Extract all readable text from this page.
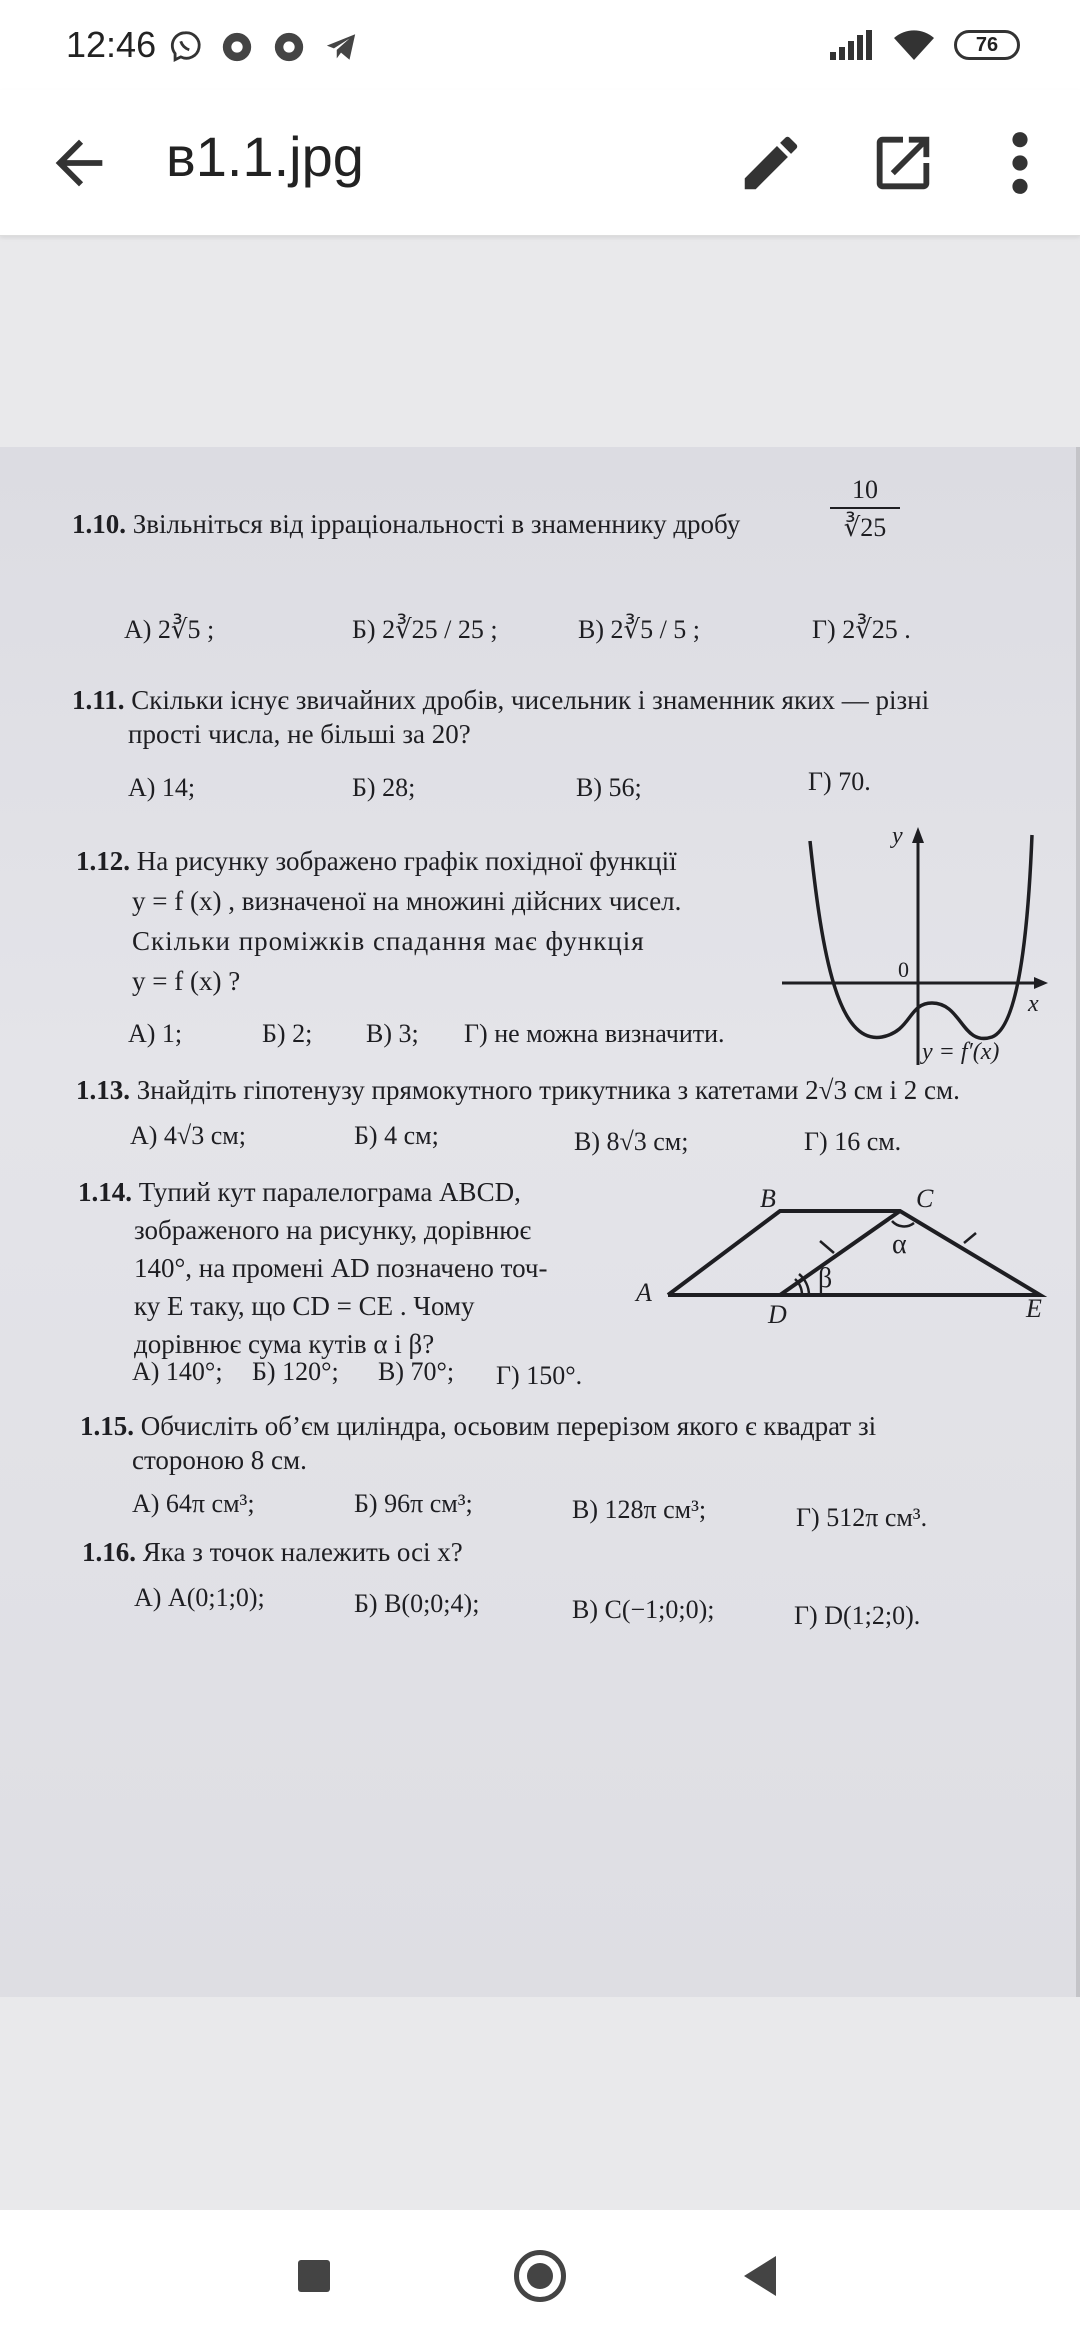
12:46	76
в1.1.jpg
1.10. Звільніться від ірраціональності в знаменнику дробу	$\frac{10}{∛25}$
А) 2∛5 ;	Б) 2∛25 / 25 ;	В) 2∛5 / 5 ;	Г) 2∛25 .
1.11. Скільки існує звичайних дробів, чисельник і знаменник яких — різні
прості числа, не більші за 20?
А) 14;	Б) 28;	В) 56;	Г) 70.
1.12. На рисунку зображено графік похідної функції
y = f (x) , визначеної на множині дійсних чисел.
Скільки проміжків спадання має функція
y = f (x) ?
y
x
0
y = f′(x)
А) 1;	Б) 2; В) 3; Г) не можна визначити.
1.13. Знайдіть гіпотенузу прямокутного трикутника з катетами 2√3 см і 2 см.
А) 4√3 см;	Б) 4 см;	В) 8√3 см;	Г) 16 см.
1.14. Тупий кут паралелограма ABCD,
зображеного на рисунку, дорівнює
140°, на промені AD позначено точ-
ку E таку, що CD = CE . Чому
дорівнює сума кутів α і β?
A
B	C
D	E
α
β
А) 140°; Б) 120°; В) 70°; Г) 150°.
1.15. Обчисліть об’єм циліндра, осьовим перерізом якого є квадрат зі
стороною 8 см.
А) 64π см³;	Б) 96π см³;	В) 128π см³;	Г) 512π см³.
1.16. Яка з точок належить осі x?
А) A(0;1;0);	Б) B(0;0;4);	В) C(−1;0;0);	Г) D(1;2;0).
